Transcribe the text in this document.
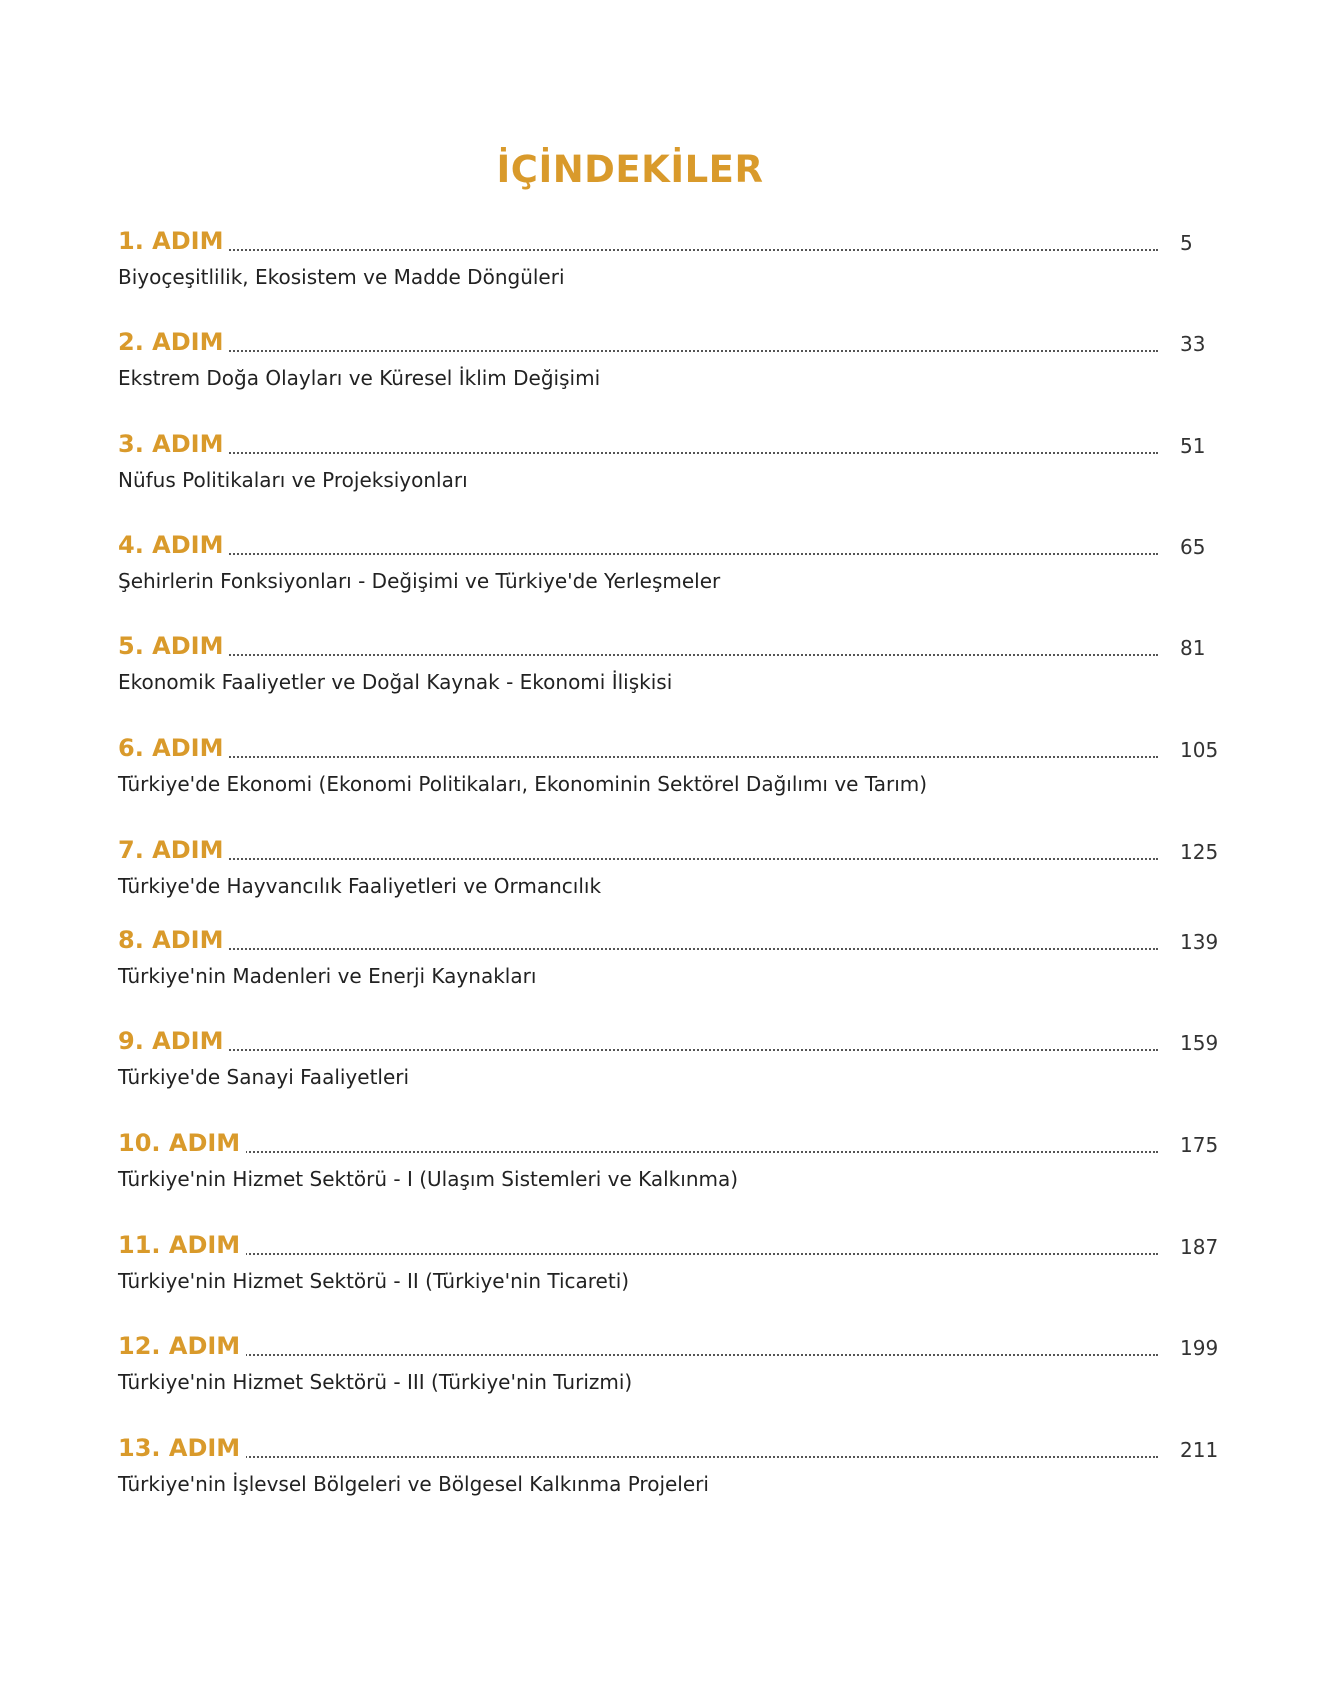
İÇİNDEKİLER
1. ADIM	5
Biyoçeşitlilik, Ekosistem ve Madde Döngüleri
2. ADIM	33
Ekstrem Doğa Olayları ve Küresel İklim Değişimi
3. ADIM	51
Nüfus Politikaları ve Projeksiyonları
4. ADIM	65
Şehirlerin Fonksiyonları - Değişimi ve Türkiye'de Yerleşmeler
5. ADIM	81
Ekonomik Faaliyetler ve Doğal Kaynak - Ekonomi İlişkisi
6. ADIM	105
Türkiye'de Ekonomi (Ekonomi Politikaları, Ekonominin Sektörel Dağılımı ve Tarım)
7. ADIM	125
Türkiye'de Hayvancılık Faaliyetleri ve Ormancılık
8. ADIM	139
Türkiye'nin Madenleri ve Enerji Kaynakları
9. ADIM	159
Türkiye'de Sanayi Faaliyetleri
10. ADIM	175
Türkiye'nin Hizmet Sektörü - I (Ulaşım Sistemleri ve Kalkınma)
11. ADIM	187
Türkiye'nin Hizmet Sektörü - II (Türkiye'nin Ticareti)
12. ADIM	199
Türkiye'nin Hizmet Sektörü - III (Türkiye'nin Turizmi)
13. ADIM	211
Türkiye'nin İşlevsel Bölgeleri ve Bölgesel Kalkınma Projeleri
